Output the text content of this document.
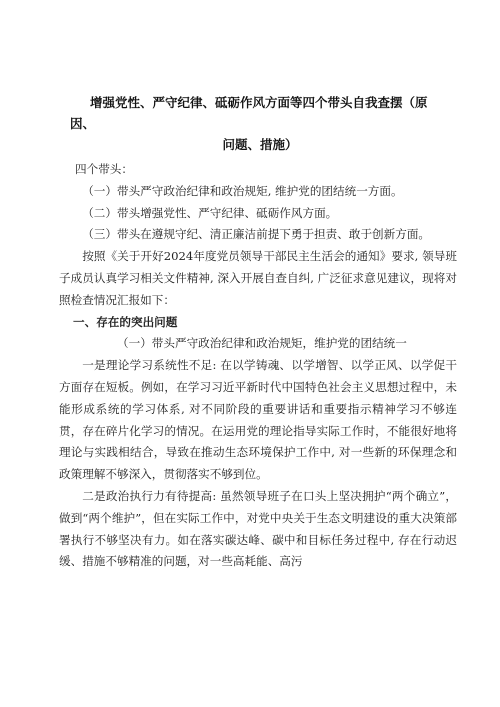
增强党性、严守纪律、砥砺作风方面等四个带头自我查摆（原因、
问题、措施）

四个带头：

（一）带头严守政治纪律和政治规矩, 维护党的团结统一方面。

（二）带头增强党性、严守纪律、砥砺作风方面。

（三）带头在遵规守纪、清正廉洁前提下勇于担责、敢于创新方面。

按照《关于开好2024年度党员领导干部民主生活会的通知》要求, 领导班子成员认真学习相关文件精神, 深入开展自查自纠, 广泛征求意见建议，现将对照检查情况汇报如下：

一、存在的突出问题

（一）带头严守政治纪律和政治规矩，维护党的团结统一

一是理论学习系统性不足: 在以学铸魂、以学增智、以学正风、以学促干方面存在短板。例如，在学习习近平新时代中国特色社会主义思想过程中，未能形成系统的学习体系, 对不同阶段的重要讲话和重要指示精神学习不够连贯，存在碎片化学习的情况。在运用党的理论指导实际工作时，不能很好地将理论与实践相结合，导致在推动生态环境保护工作中, 对一些新的环保理念和政策理解不够深入，贯彻落实不够到位。

二是政治执行力有待提高: 虽然领导班子在口头上坚决拥护“两个确立”，做到“两个维护”，但在实际工作中，对党中央关于生态文明建设的重大决策部署执行不够坚决有力。如在落实碳达峰、碳中和目标任务过程中, 存在行动迟缓、措施不够精准的问题，对一些高耗能、高污
